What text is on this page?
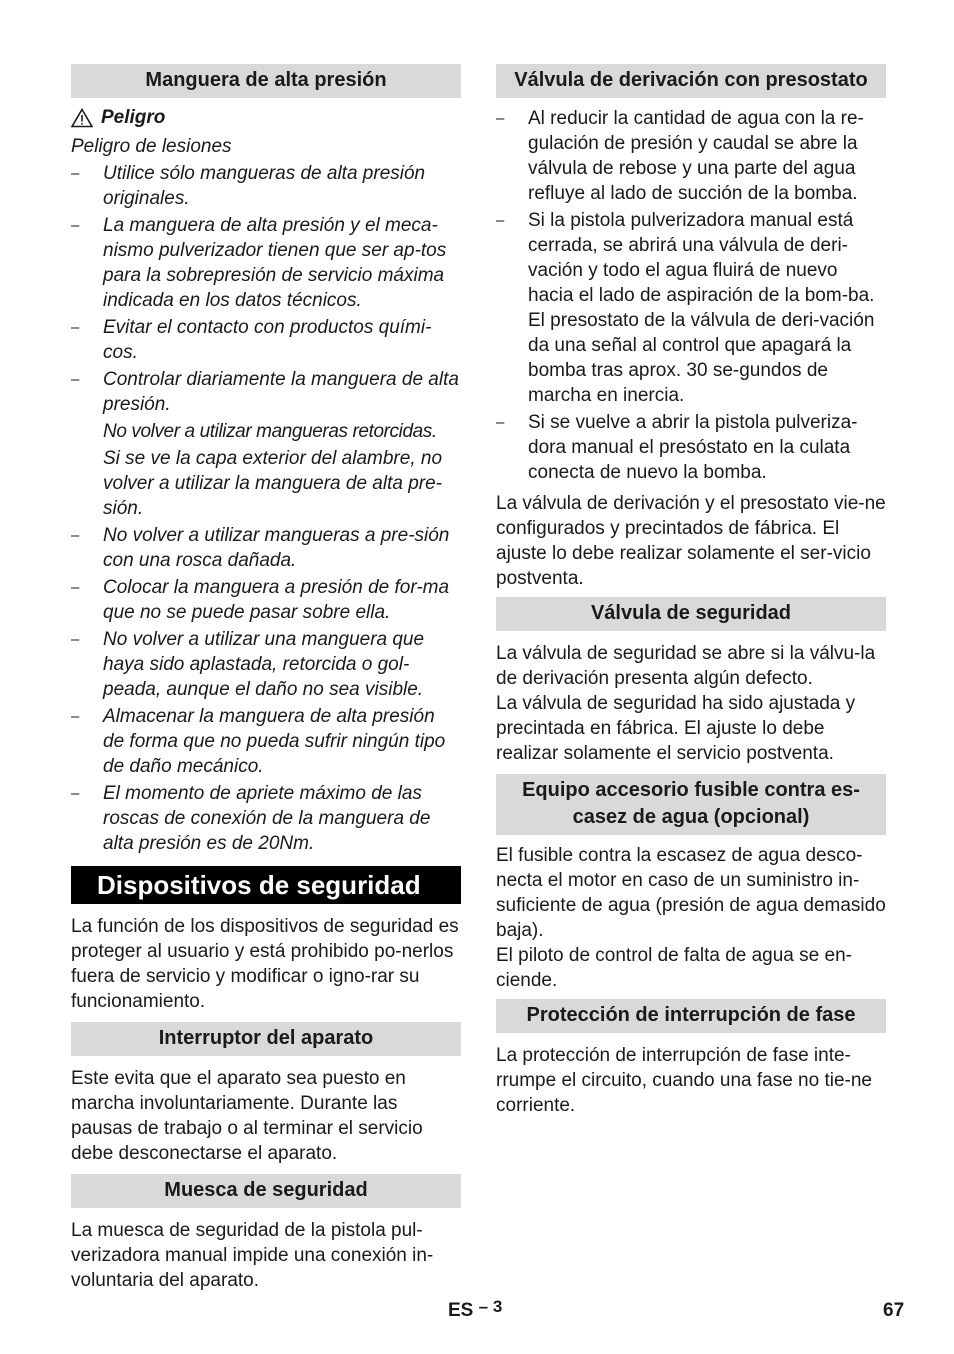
Manguera de alta presión
Peligro
Peligro de lesiones
–	Utilice sólo mangueras de alta presión originales.
–	La manguera de alta presión y el meca-nismo pulverizador tienen que ser ap-tos para la sobrepresión de servicio máxima indicada en los datos técnicos.
–	Evitar el contacto con productos quími-cos.
–	Controlar diariamente la manguera de alta presión.
No volver a utilizar mangueras retorcidas.
Si se ve la capa exterior del alambre, no volver a utilizar la manguera de alta pre-sión.
–	No volver a utilizar mangueras a pre-sión con una rosca dañada.
–	Colocar la manguera a presión de for-ma que no se puede pasar sobre ella.
–	No volver a utilizar una manguera que haya sido aplastada, retorcida o gol-peada, aunque el daño no sea visible.
–	Almacenar la manguera de alta presión de forma que no pueda sufrir ningún tipo de daño mecánico.
–	El momento de apriete máximo de las roscas de conexión de la manguera de alta presión es de 20Nm.
Dispositivos de seguridad
La función de los dispositivos de seguridad es proteger al usuario y está prohibido po-nerlos fuera de servicio y modificar o igno-rar su funcionamiento.
Interruptor del aparato
Este evita que el aparato sea puesto en marcha involuntariamente. Durante las pausas de trabajo o al terminar el servicio debe desconectarse el aparato.
Muesca de seguridad
La muesca de seguridad de la pistola pul-verizadora manual impide una conexión in-voluntaria del aparato.
Válvula de derivación con presostato
–	Al reducir la cantidad de agua con la re-gulación de presión y caudal se abre la válvula de rebose y una parte del agua refluye al lado de succión de la bomba.
–	Si la pistola pulverizadora manual está cerrada, se abrirá una válvula de deri-vación y todo el agua fluirá de nuevo hacia el lado de aspiración de la bom-ba. El presostato de la válvula de deri-vación da una señal al control que apagará la bomba tras aprox. 30 se-gundos de marcha en inercia.
–	Si se vuelve a abrir la pistola pulveriza-dora manual el presóstato en la culata conecta de nuevo la bomba.
La válvula de derivación y el presostato vie-ne configurados y precintados de fábrica. El ajuste lo debe realizar solamente el ser-vicio postventa.
Válvula de seguridad
La válvula de seguridad se abre si la válvu-la de derivación presenta algún defecto.
La válvula de seguridad ha sido ajustada y precintada en fábrica. El ajuste lo debe realizar solamente el servicio postventa.
Equipo accesorio fusible contra es-casez de agua (opcional)
El fusible contra la escasez de agua desco-necta el motor en caso de un suministro in-suficiente de agua (presión de agua demasido baja).
El piloto de control de falta de agua se en-ciende.
Protección de interrupción de fase
La protección de interrupción de fase inte-rrumpe el circuito, cuando una fase no tie-ne corriente.
ES – 3	67
